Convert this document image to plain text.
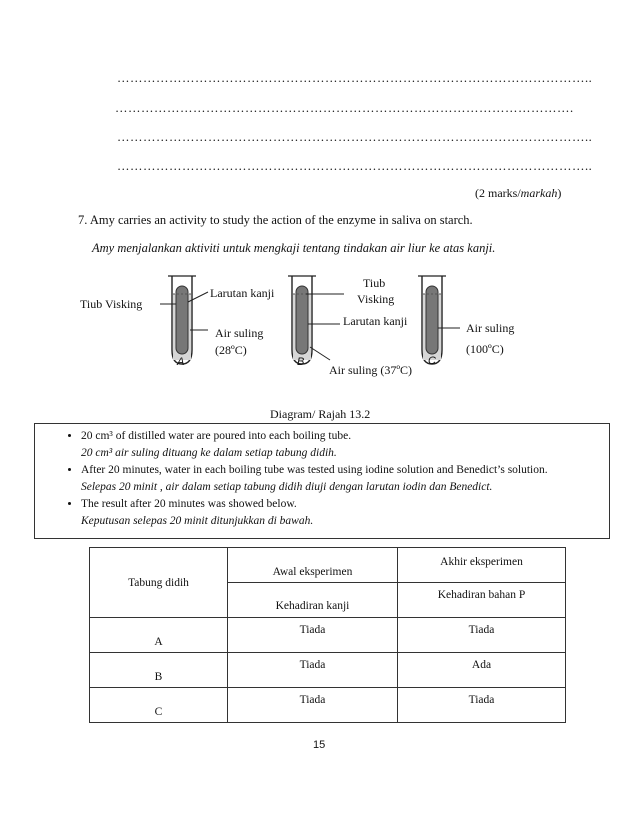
………………………………………………………………………………………………..
…………………………………………………………………………………………….
………………………………………………………………………………………………..
………………………………………………………………………………………………..
(2 marks/markah)
7. Amy carries an activity to study the action of the enzyme in saliva on starch.
Amy menjalankan aktiviti untuk mengkaji tentang tindakan air liur ke atas kanji.
Tiub Visking
Larutan kanji
Air suling
(28ºC)
A
Tiub
Visking
Larutan kanji
Air suling (37ºC)
B
Air suling
(100ºC)
C
Diagram/ Rajah 13.2
• 20 cm³ of distilled water are poured into each boiling tube.
20 cm³ air suling dituang ke dalam setiap tabung didih.
• After 20 minutes, water in each boiling tube was tested using iodine solution and Benedict’s solution.
Selepas 20 minit , air dalam setiap tabung didih diuji dengan larutan iodin dan Benedict.
• The result after 20 minutes was showed below.
Keputusan selepas 20 minit ditunjukkan di bawah.
Tabung didih	Awal eksperimen	Akhir eksperimen
	Kehadiran kanji	Kehadiran bahan P
A	Tiada	Tiada
B	Tiada	Ada
C	Tiada	Tiada
15
